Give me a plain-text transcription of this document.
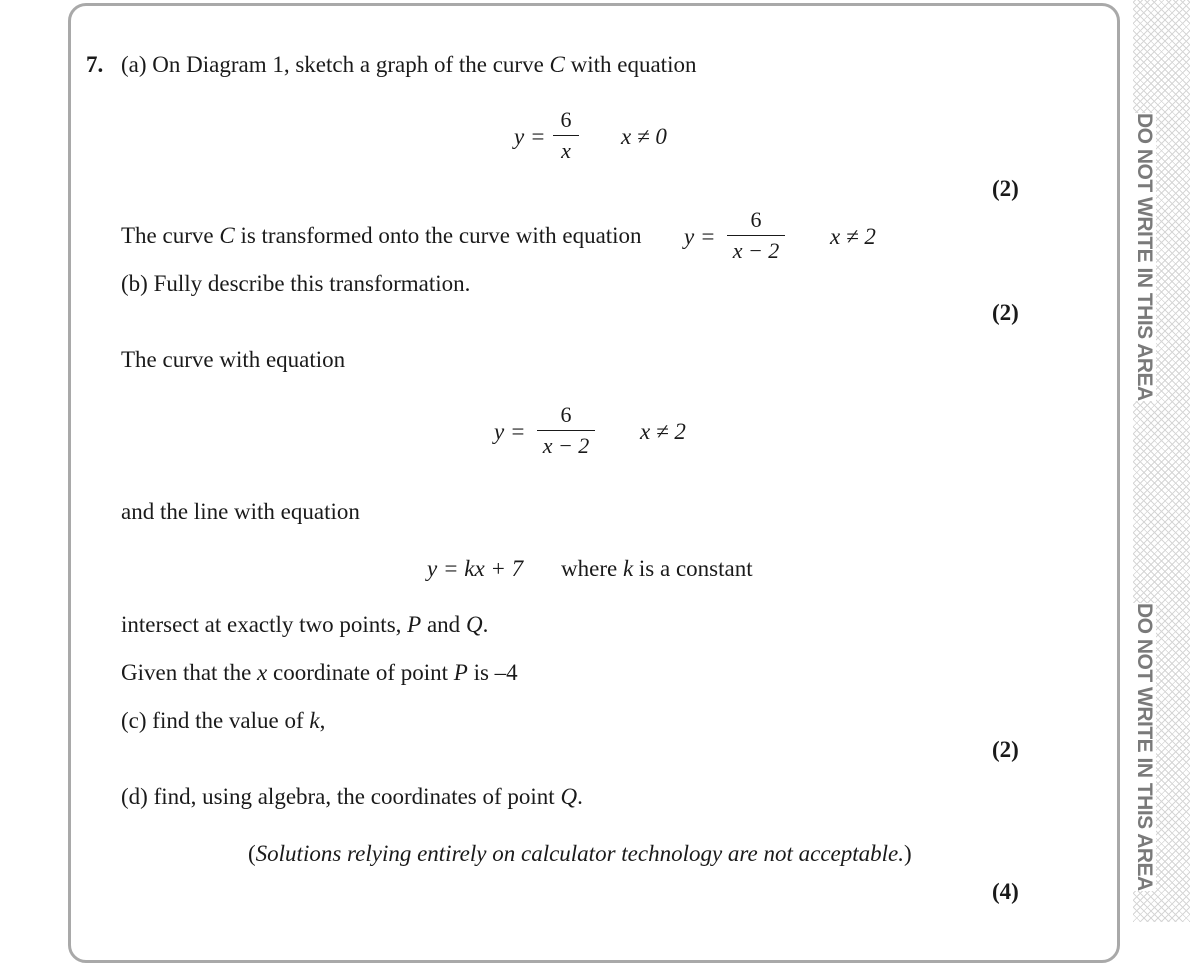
DO NOT WRITE IN THIS AREA
DO NOT WRITE IN THIS AREA
7. (a) On Diagram 1, sketch a graph of the curve C with equation
y =
6
x
x ≠ 0
(2)
The curve C is transformed onto the curve with equation y =
6
x − 2
x ≠ 2
(b) Fully describe this transformation.
(2)
The curve with equation
y =
6
x − 2
x ≠ 2
and the line with equation
y = kx + 7 where k is a constant
intersect at exactly two points, P and Q.
Given that the x coordinate of point P is –4
(c) find the value of k,
(2)
(d) find, using algebra, the coordinates of point Q.
(Solutions relying entirely on calculator technology are not acceptable.)
(4)
